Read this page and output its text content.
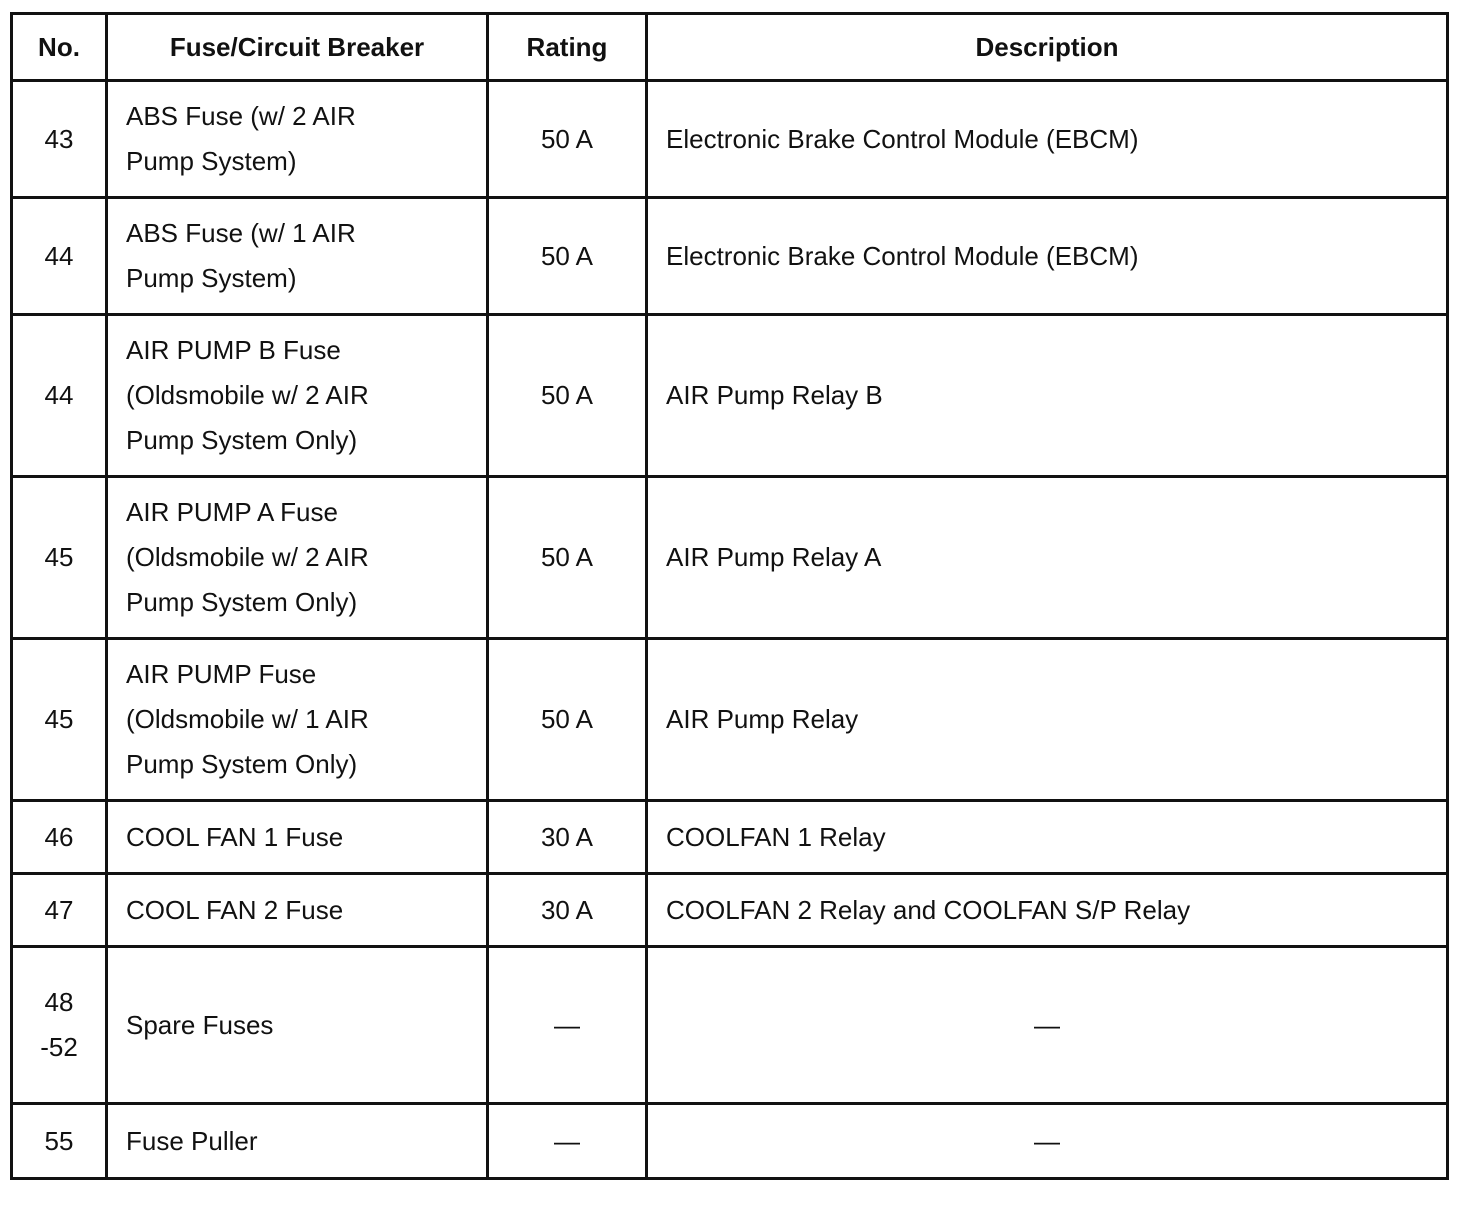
No.	Fuse/Circuit Breaker	Rating	Description
43	ABS Fuse (w/ 2 AIR
Pump System)	50 A	Electronic Brake Control Module (EBCM)
44	ABS Fuse (w/ 1 AIR
Pump System)	50 A	Electronic Brake Control Module (EBCM)
44	AIR PUMP B Fuse
(Oldsmobile w/ 2 AIR
Pump System Only)	50 A	AIR Pump Relay B
45	AIR PUMP A Fuse
(Oldsmobile w/ 2 AIR
Pump System Only)	50 A	AIR Pump Relay A
45	AIR PUMP Fuse
(Oldsmobile w/ 1 AIR
Pump System Only)	50 A	AIR Pump Relay
46	COOL FAN 1 Fuse	30 A	COOLFAN 1 Relay
47	COOL FAN 2 Fuse	30 A	COOLFAN 2 Relay and COOLFAN S/P Relay
48
-52	Spare Fuses	—	—
55	Fuse Puller	—	—
